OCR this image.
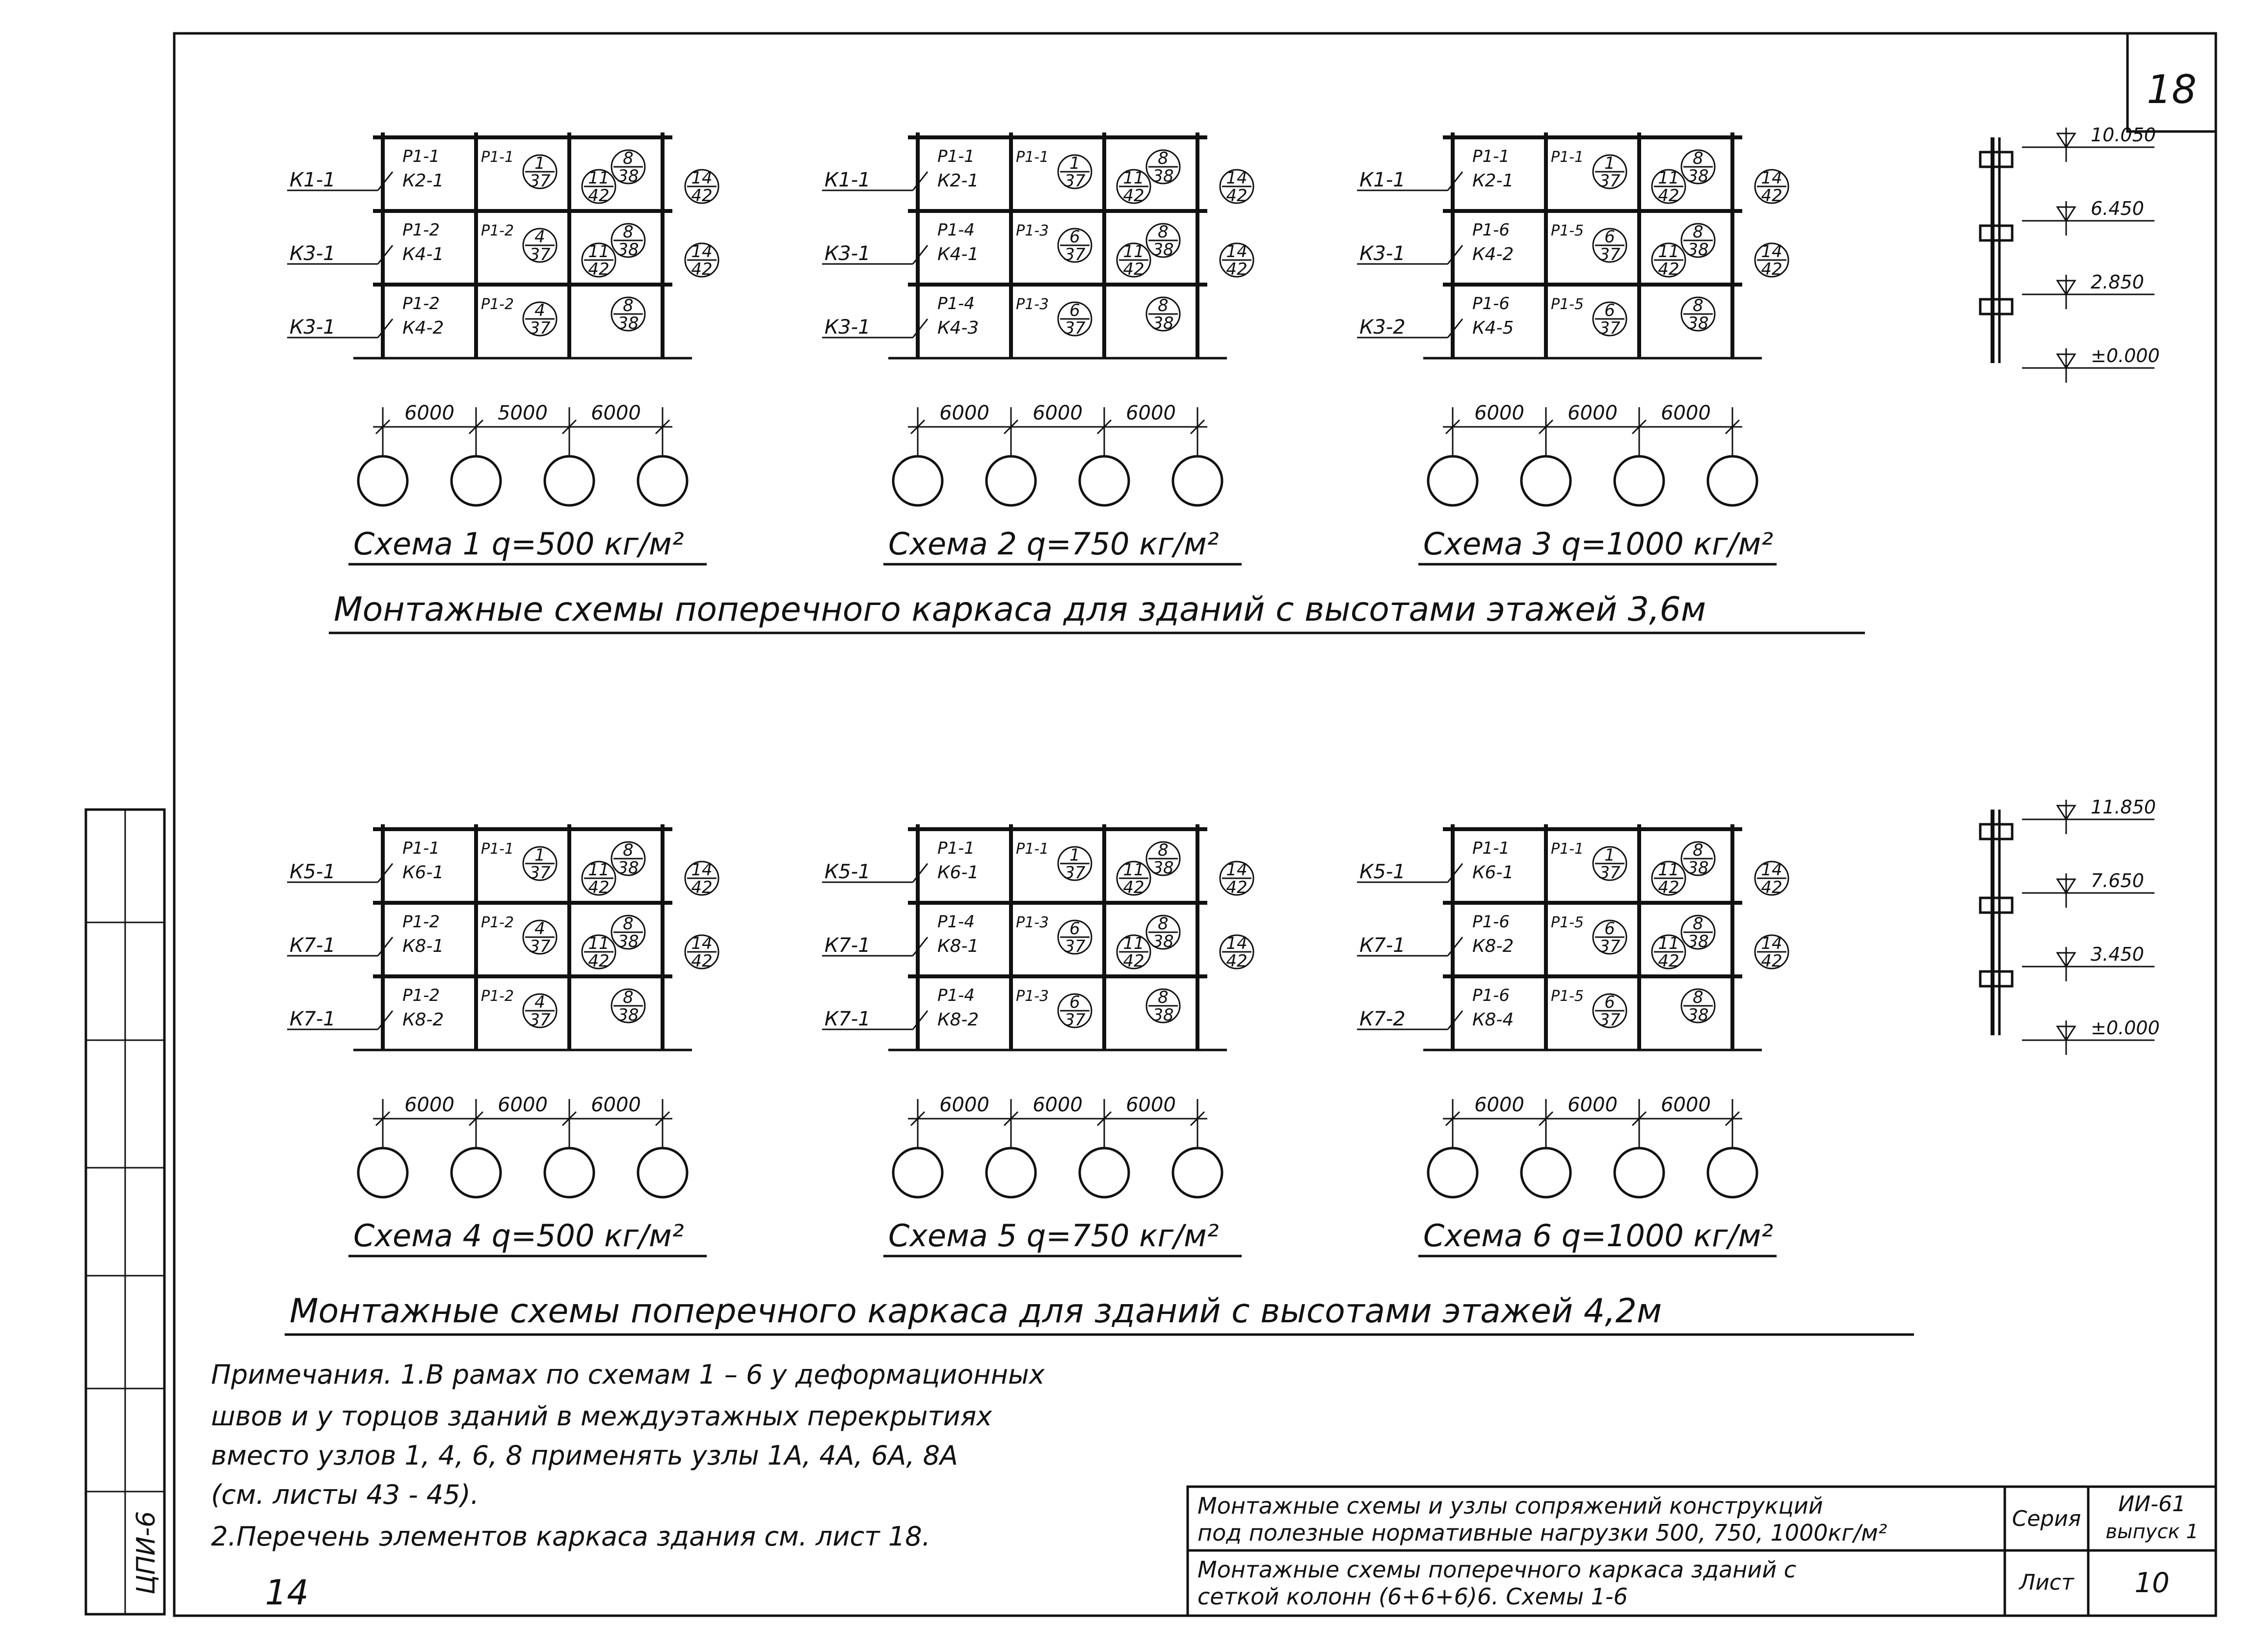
18
ЦПИ-6
К1-1
Р1-1
К2-1
Р1-1 1
37 11
42
8
38	14
42
К3-1
Р1-2
К4-1
Р1-2 4
37 11
42
8
38	14
42
К3-1
Р1-2
К4-2
Р1-2 4
37
8
38
6000 5000 6000
Схема 1 q=500 кг/м²
К1-1
Р1-1
К2-1
Р1-1 1
37 11
42
8
38	14
42
К3-1
Р1-4
К4-1
Р1-3 6
37 11
42
8
38	14
42
К3-1
Р1-4
К4-3
Р1-3 6
37
8
38
6000 6000 6000
Схема 2 q=750 кг/м²
К1-1
Р1-1
К2-1
Р1-1 1
37 11
42
8
38	14
42
К3-1
Р1-6
К4-2
Р1-5 6
37 11
42
8
38	14
42
К3-2
Р1-6
К4-5
Р1-5 6
37
8
38
6000 6000 6000
Схема 3 q=1000 кг/м²
К5-1
Р1-1
К6-1
Р1-1 1
37 11
42
8
38	14
42
К7-1
Р1-2
К8-1
Р1-2 4
37 11
42
8
38	14
42
К7-1
Р1-2
К8-2
Р1-2 4
37
8
38
6000 6000 6000
Схема 4 q=500 кг/м²
К5-1
Р1-1
К6-1
Р1-1 1
37 11
42
8
38	14
42
К7-1
Р1-4
К8-1
Р1-3 6
37 11
42
8
38	14
42
К7-1
Р1-4
К8-2
Р1-3 6
37
8
38
6000 6000 6000
Схема 5 q=750 кг/м²
К5-1
Р1-1
К6-1
Р1-1 1
37 11
42
8
38	14
42
К7-1
Р1-6
К8-2
Р1-5 6
37 11
42
8
38	14
42
К7-2
Р1-6
К8-4
Р1-5 6
37
8
38
6000 6000 6000
Схема 6 q=1000 кг/м²
10.050
6.450
2.850
±0.000
11.850
7.650
3.450
±0.000
Монтажные схемы поперечного каркаса для зданий с высотами этажей 3,6м
Монтажные схемы поперечного каркаса для зданий с высотами этажей 4,2м
Примечания. 1.В рамах по схемам 1 – 6 у деформационных
швов и у торцов зданий в междуэтажных перекрытиях
вместо узлов 1, 4, 6, 8 применять узлы 1А, 4А, 6А, 8А
(см. листы 43 - 45).
2.Перечень элементов каркаса здания см. лист 18.
14
Монтажные схемы и узлы сопряжений конструкций
под полезные нормативные нагрузки 500, 750, 1000кг/м²
Серия
ИИ-61
выпуск 1
Монтажные схемы поперечного каркаса зданий с
сеткой колонн (6+6+6)6. Схемы 1-6
Лист 10
